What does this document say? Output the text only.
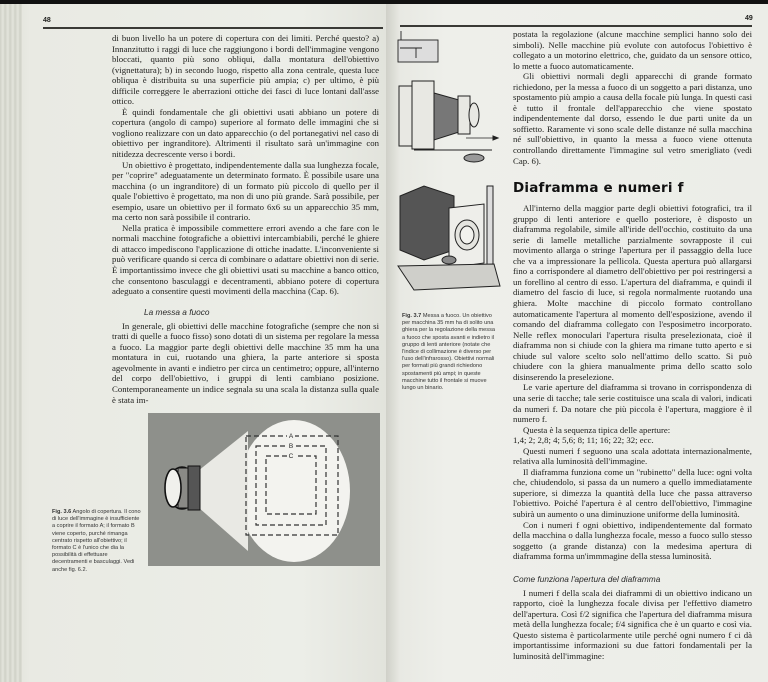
48

di buon livello ha un potere di copertura con dei limiti. Perché questo? a) Innanzitutto i raggi di luce che raggiungono i bordi dell'immagine vengono bloccati, quanto più sono obliqui, dalla montatura dell'obiettivo (vignettatura); b) in secondo luogo, rispetto alla zona centrale, questa luce obliqua è distribuita su una superficie più ampia; c) per ultimo, è più difficile correggere le aberrazioni ottiche dei fasci di luce lontani dall'asse ottico.

È quindi fondamentale che gli obiettivi usati abbiano un potere di copertura (angolo di campo) superiore al formato delle immagini che si vogliono realizzare con un dato apparecchio (o del portanegativi nel caso di obiettivo per ingranditore). Altrimenti il risultato sarà un'immagine con nitidezza decrescente verso i bordi.

Un obiettivo è progettato, indipendentemente dalla sua lunghezza focale, per "coprire" adeguatamente un determinato formato. È possibile usare una macchina (o un ingranditore) di un formato più piccolo di quello per il quale l'obiettivo è progettato, ma non di uno più grande. Sarà possibile, per esempio, usare un obiettivo per il formato 6x6 su un apparecchio 35 mm, ma certo non sarà possibile il contrario.

Nella pratica è impossibile commettere errori avendo a che fare con le normali macchine fotografiche a obiettivi intercambiabili, perché le ghiere di attacco impediscono l'applicazione di ottiche inadatte. L'inconveniente si può verificare quando si cerca di combinare o adattare obiettivi non di serie. È importantissimo invece che gli obiettivi usati su macchine a banco ottico, che consentono basculaggi e decentramenti, abbiano potere di copertura adeguato a consentire questi movimenti della macchina (Cap. 6).

La messa a fuoco

In generale, gli obiettivi delle macchine fotografiche (sempre che non si tratti di quelle a fuoco fisso) sono dotati di un sistema per regolare la messa a fuoco. La maggior parte degli obiettivi delle macchine 35 mm ha una montatura in cui, ruotando una ghiera, la parte anteriore si sposta agevolmente in avanti e indietro per circa un centimetro; oppure, all'interno del corpo dell'obiettivo, i gruppi di lenti cambiano posizione. Contemporaneamente un indice segnala su una scala la distanza sulla quale è stata im-

A
B
C
Fig. 3.6 Angolo di copertura. Il cono di luce dell'immagine è insufficiente a coprire il formato A; il formato B viene coperto, purché rimanga centrato rispetto all'obiettivo; il formato C è l'unico che dia la possibilità di effettuare decentramenti e basculaggi. Vedi anche fig. 6.2.
49
Fig. 3.7 Messa a fuoco. Un obiettivo per macchina 35 mm ha di solito una ghiera per la regolazione della messa a fuoco che sposta avanti e indietro il gruppo di lenti anteriore (notate che l'indice di collimazione è diverso per l'uso dell'infrarosso). Obiettivi normali per formati più grandi richiedono spostamenti più ampi; in queste macchine tutto il frontale si muove lungo un binario.

postata la regolazione (alcune macchine semplici hanno solo dei simboli). Nelle macchine più evolute con autofocus l'obiettivo è collegato a un motorino elettrico, che, guidato da un sensore ottico, lo mette a fuoco automaticamente.

Gli obiettivi normali degli apparecchi di grande formato richiedono, per la messa a fuoco di un soggetto a pari distanza, uno spostamento più ampio a causa della focale più lunga. In questi casi è tutto il frontale dell'apparecchio che viene spostato indipendentemente dal dorso, essendo le due parti unite da un soffietto. Raramente vi sono scale delle distanze né sulla macchina né sull'obiettivo, in quanto la messa a fuoco viene ottenuta controllando direttamente l'immagine sul vetro smerigliato (vedi Cap. 6).

Diaframma e numeri f

All'interno della maggior parte degli obiettivi fotografici, tra il gruppo di lenti anteriore e quello posteriore, è disposto un diaframma regolabile, simile all'iride dell'occhio, costituito da una serie di lamelle metalliche parzialmente sovrapposte il cui movimento allarga o stringe l'apertura per il passaggio della luce che va a impressionare la pellicola. Questa apertura può allargarsi fino a corrispondere al diametro dell'obiettivo per poi restringersi a un forellino al centro di esso. L'apertura del diaframma, e quindi il diametro del fascio di luce, si regola normalmente ruotando una ghiera. Molte macchine di piccolo formato controllano automaticamente l'apertura al momento dell'esposizione, avendo il comando del diaframma collegato con l'esposimetro incorporato. Nelle reflex monoculari l'apertura risulta preselezionata, cioè il diaframma non si chiude con la ghiera ma rimane tutto aperto e si chiude sul valore scelto solo nell'attimo dello scatto. Si può chiudere con la ghiera manualmente prima dello scatto solo disinserendo la preselezione.

Le varie aperture del diaframma si trovano in corrispondenza di una serie di tacche; tale serie costituisce una scala di valori, indicati da numeri f. Da notare che più piccola è l'apertura, maggiore è il numero f.

Questa è la sequenza tipica delle aperture:

1,4; 2; 2,8; 4; 5,6; 8; 11; 16; 22; 32; ecc.

Questi numeri f seguono una scala adottata internazionalmente, relativa alla luminosità dell'immagine.

Il diaframma funziona come un "rubinetto" della luce: ogni volta che, chiudendolo, si passa da un numero a quello immediatamente superiore, si dimezza la quantità della luce che passa attraverso l'obiettivo. Poiché l'apertura è al centro dell'obiettivo, l'immagine subirà un aumento o una diminuzione uniforme della luminosità.

Con i numeri f ogni obiettivo, indipendentemente dal formato della macchina o dalla lunghezza focale, messo a fuoco sullo stesso soggetto (a grande distanza) con la medesima apertura di diaframma forma un'immmagine della stessa luminosità.

Come funziona l'apertura del diaframma

I numeri f della scala dei diaframmi di un obiettivo indicano un rapporto, cioè la lunghezza focale divisa per l'effettivo diametro dell'apertura. Così f/2 significa che l'apertura del diaframma misura metà della lunghezza focale; f/4 significa che è un quarto e così via. Questo sistema è particolarmente utile perché ogni numero f ci dà importantissime informazioni su due fattori fondamentali per la luminosità dell'immagine:
